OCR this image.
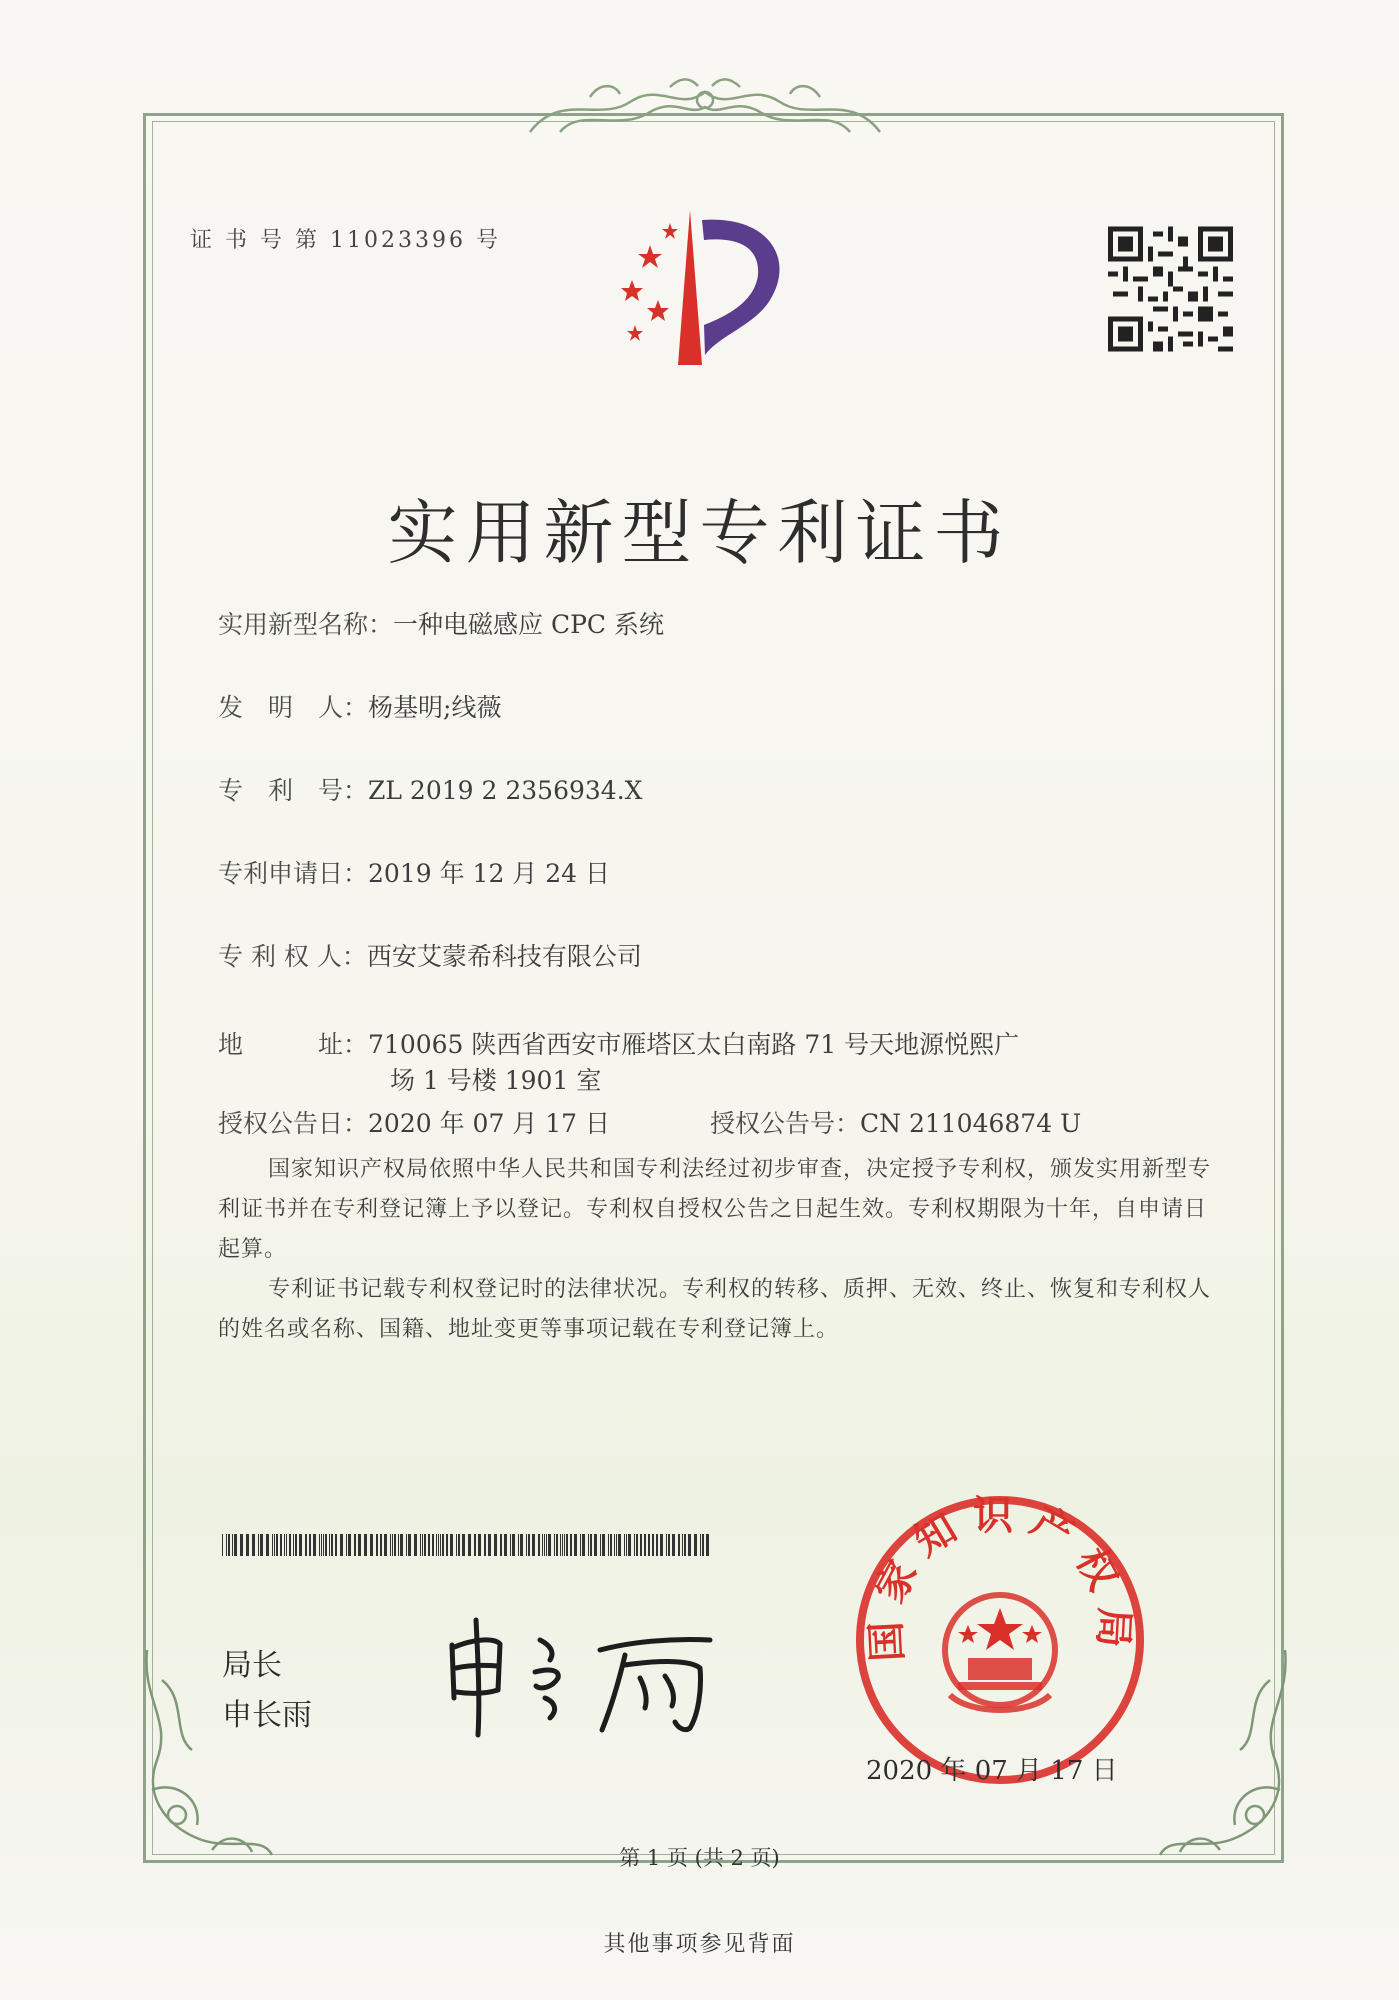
证 书 号 第 11023396 号
实用新型专利证书
实用新型名称：一种电磁感应 CPC 系统
发　明　人：杨基明;线薇
专　利　号：ZL 2019 2 2356934.X
专利申请日：2019 年 12 月 24 日
专 利 权 人：西安艾蒙希科技有限公司
地　　　址：710065 陕西省西安市雁塔区太白南路 71 号天地源悦熙广
场 1 号楼 1901 室
授权公告日：2020 年 07 月 17 日	授权公告号：CN 211046874 U

国家知识产权局依照中华人民共和国专利法经过初步审查，决定授予专利权，颁发实用新型专利证书并在专利登记簿上予以登记。专利权自授权公告之日起生效。专利权期限为十年，自申请日起算。

专利证书记载专利权登记时的法律状况。专利权的转移、质押、无效、终止、恢复和专利权人的姓名或名称、国籍、地址变更等事项记载在专利登记簿上。

局长
申长雨
国家知识产权局
2020 年 07 月 17 日
第 1 页 (共 2 页)
其他事项参见背面
